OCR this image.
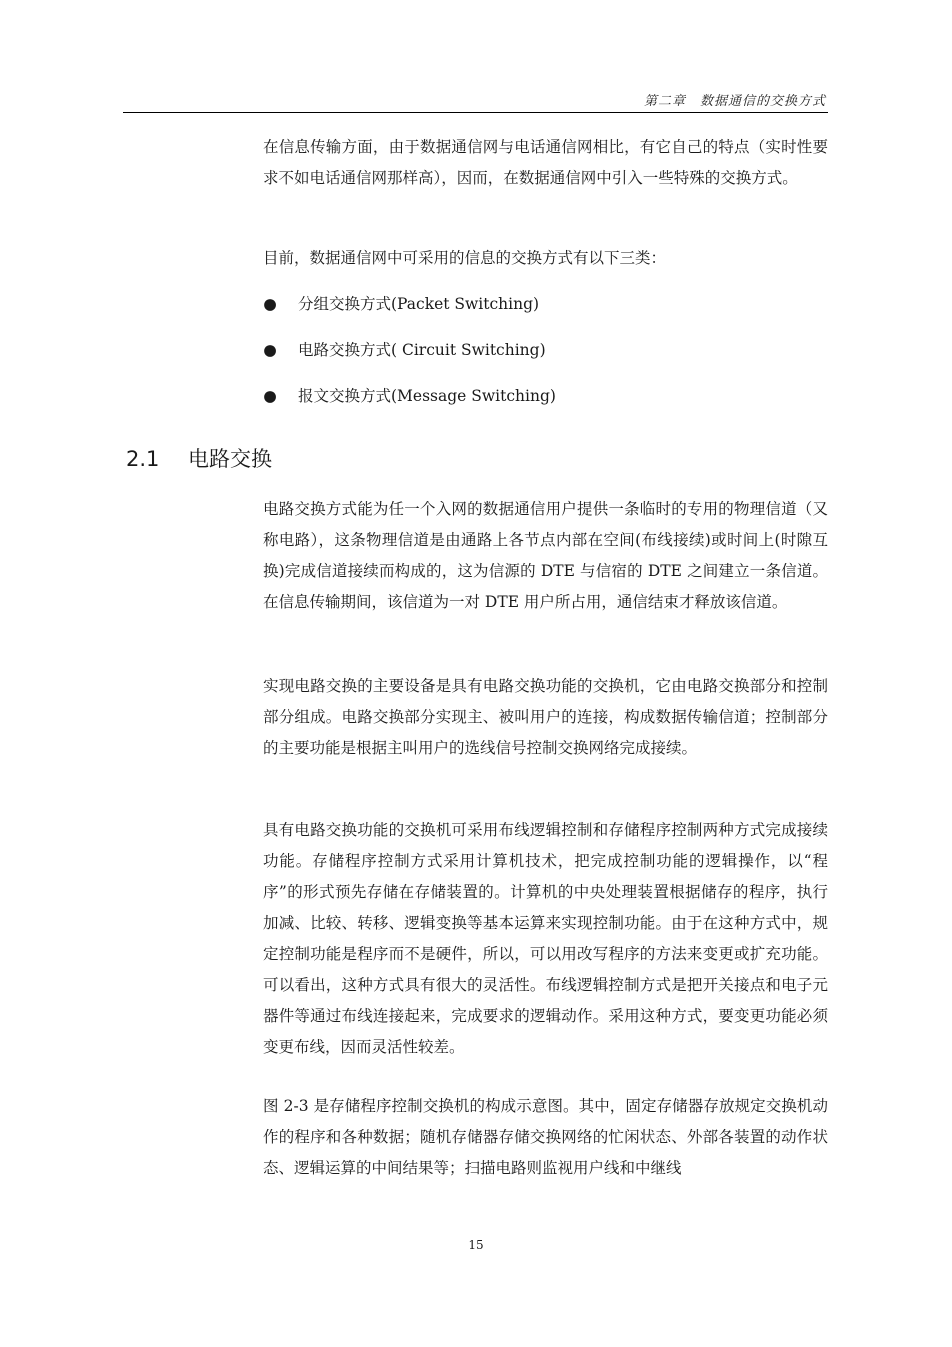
第二章　数据通信的交换方式

在信息传输方面，由于数据通信网与电话通信网相比，有它自己的特点（实时性要求不如电话通信网那样高），因而，在数据通信网中引入一些特殊的交换方式。

目前，数据通信网中可采用的信息的交换方式有以下三类：

● 分组交换方式(Packet Switching)
● 电路交换方式( Circuit Switching)
● 报文交换方式(Message Switching)
2.1 电路交换

电路交换方式能为任一个入网的数据通信用户提供一条临时的专用的物理信道（又称电路），这条物理信道是由通路上各节点内部在空间(布线接续)或时间上(时隙互换)完成信道接续而构成的，这为信源的 DTE 与信宿的 DTE 之间建立一条信道。在信息传输期间，该信道为一对 DTE 用户所占用，通信结束才释放该信道。

实现电路交换的主要设备是具有电路交换功能的交换机，它由电路交换部分和控制部分组成。电路交换部分实现主、被叫用户的连接，构成数据传输信道；控制部分的主要功能是根据主叫用户的选线信号控制交换网络完成接续。

具有电路交换功能的交换机可采用布线逻辑控制和存储程序控制两种方式完成接续功能。存储程序控制方式采用计算机技术，把完成控制功能的逻辑操作，以“程序”的形式预先存储在存储装置的。计算机的中央处理装置根据储存的程序，执行加减、比较、转移、逻辑变换等基本运算来实现控制功能。由于在这种方式中，规定控制功能是程序而不是硬件，所以，可以用改写程序的方法来变更或扩充功能。可以看出，这种方式具有很大的灵活性。布线逻辑控制方式是把开关接点和电子元器件等通过布线连接起来，完成要求的逻辑动作。采用这种方式，要变更功能必须变更布线，因而灵活性较差。

图 2-3 是存储程序控制交换机的构成示意图。其中，固定存储器存放规定交换机动作的程序和各种数据；随机存储器存储交换网络的忙闲状态、外部各装置的动作状态、逻辑运算的中间结果等；扫描电路则监视用户线和中继线

15
